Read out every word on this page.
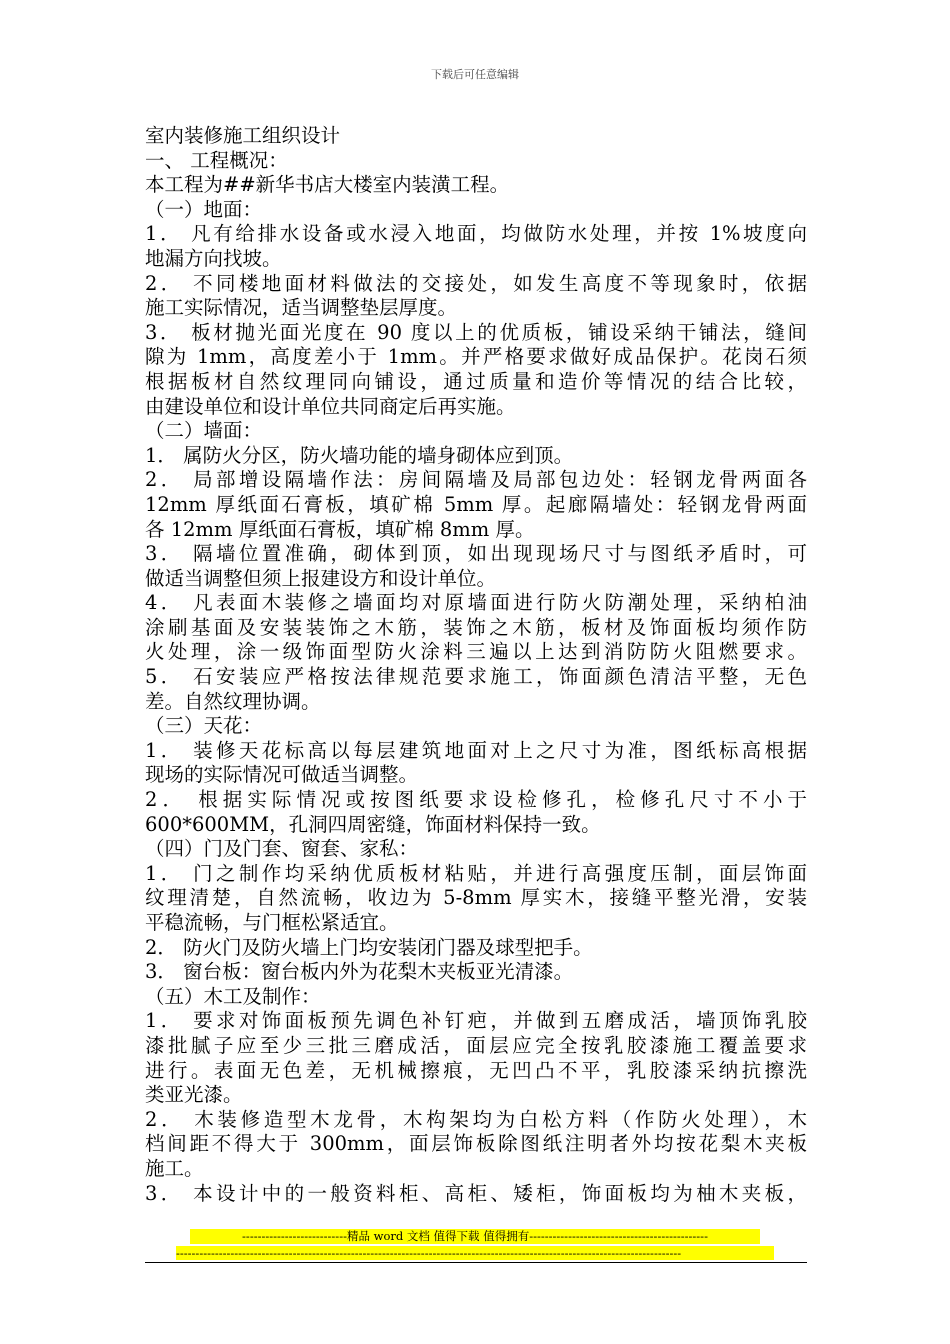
下载后可任意编辑
室内装修施工组织设计
一、 工程概况：
本工程为##新华书店大楼室内装潢工程。
（一）地面：
1． 凡有给排水设备或水浸入地面，均做防水处理，并按 1%坡度向
地漏方向找坡。
2． 不同楼地面材料做法的交接处，如发生高度不等现象时，依据
施工实际情况，适当调整垫层厚度。
3． 板材抛光面光度在 90 度以上的优质板，铺设采纳干铺法，缝间
隙为 1mm，高度差小于 1mm。并严格要求做好成品保护。花岗石须
根据板材自然纹理同向铺设，通过质量和造价等情况的结合比较，
由建设单位和设计单位共同商定后再实施。
（二）墙面：
1． 属防火分区，防火墙功能的墙身砌体应到顶。
2． 局部增设隔墙作法：房间隔墙及局部包边处：轻钢龙骨两面各
12mm 厚纸面石膏板，填矿棉 5mm 厚。起廊隔墙处：轻钢龙骨两面
各 12mm 厚纸面石膏板，填矿棉 8mm 厚。
3． 隔墙位置准确，砌体到顶，如出现现场尺寸与图纸矛盾时，可
做适当调整但须上报建设方和设计单位。
4． 凡表面木装修之墙面均对原墙面进行防火防潮处理，采纳柏油
涂刷基面及安装装饰之木筋，装饰之木筋，板材及饰面板均须作防
火处理，涂一级饰面型防火涂料三遍以上达到消防防火阻燃要求。
5． 石安装应严格按法律规范要求施工，饰面颜色清洁平整，无色
差。自然纹理协调。
（三）天花：
1． 装修天花标高以每层建筑地面对上之尺寸为准，图纸标高根据
现场的实际情况可做适当调整。
2． 根据实际情况或按图纸要求设检修孔，检修孔尺寸不小于
600*600MM，孔洞四周密缝，饰面材料保持一致。
（四）门及门套、窗套、家私：
1． 门之制作均采纳优质板材粘贴，并进行高强度压制，面层饰面
纹理清楚，自然流畅，收边为 5-8mm 厚实木，接缝平整光滑，安装
平稳流畅，与门框松紧适宜。
2． 防火门及防火墙上门均安装闭门器及球型把手。
3． 窗台板：窗台板内外为花梨木夹板亚光清漆。
（五）木工及制作：
1． 要求对饰面板预先调色补钉疤，并做到五磨成活，墙顶饰乳胶
漆批腻子应至少三批三磨成活，面层应完全按乳胶漆施工覆盖要求
进行。表面无色差，无机械擦痕，无凹凸不平，乳胶漆采纳抗擦洗
类亚光漆。
2． 木装修造型木龙骨，木构架均为白松方料（作防火处理），木
档间距不得大于 300mm，面层饰板除图纸注明者外均按花梨木夹板
施工。
3． 本设计中的一般资料柜、高柜、矮柜，饰面板均为柚木夹板，
---------------------------精品 word 文档 值得下载 值得拥有----------------------------------------------
----------------------------------------------------------------------------------------------------------------------------------
